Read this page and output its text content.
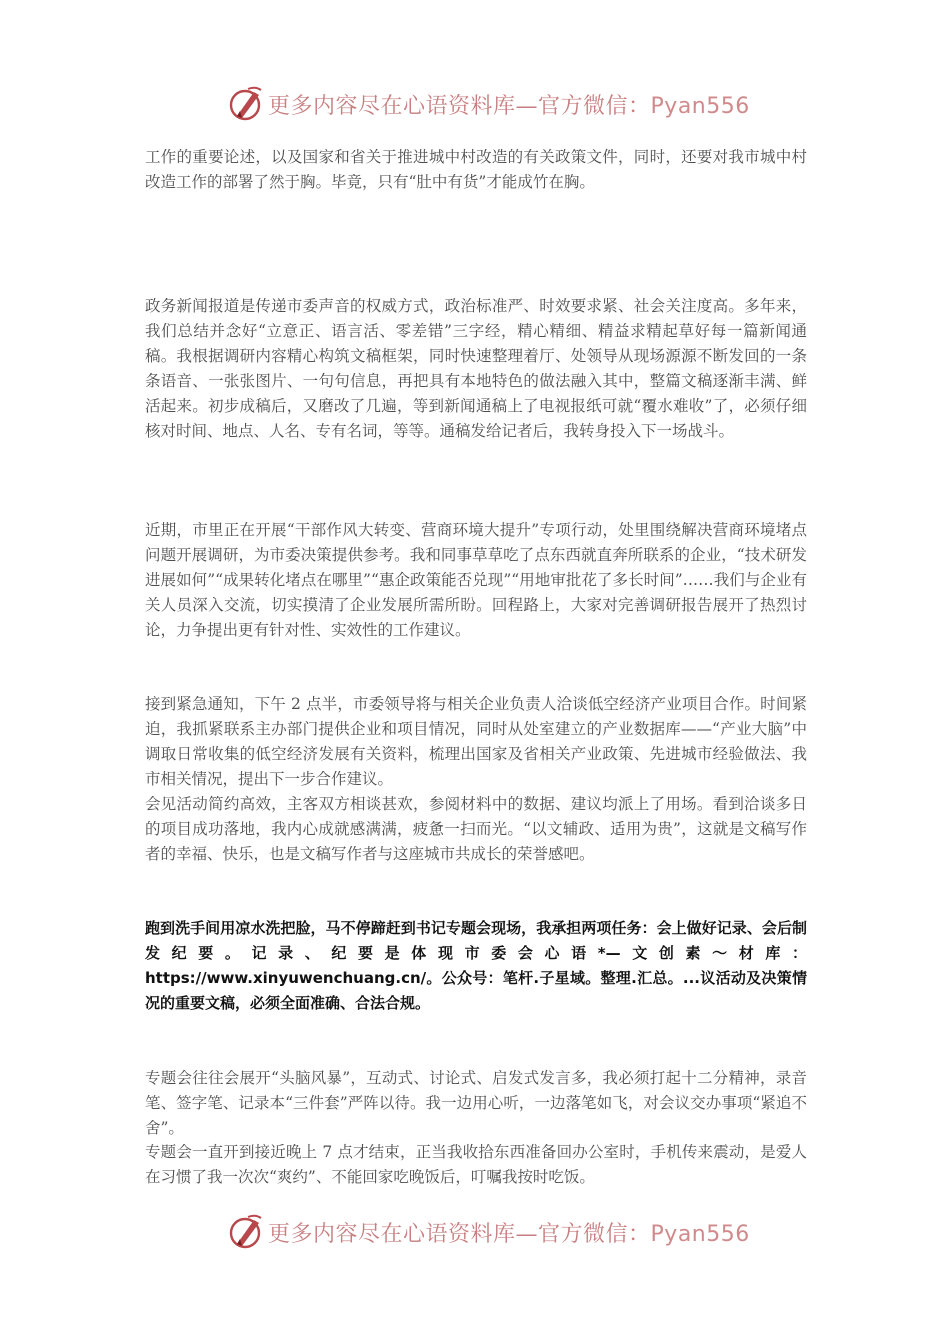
更多内容尽在心语资料库—官方微信：Pyan556

工作的重要论述，以及国家和省关于推进城中村改造的有关政策文件，同时，还要对我市城中村改造工作的部署了然于胸。毕竟，只有“肚中有货”才能成竹在胸。

政务新闻报道是传递市委声音的权威方式，政治标准严、时效要求紧、社会关注度高。多年来，我们总结并念好“立意正、语言活、零差错”三字经，精心精细、精益求精起草好每一篇新闻通稿。我根据调研内容精心构筑文稿框架，同时快速整理着厅、处领导从现场源源不断发回的一条条语音、一张张图片、一句句信息，再把具有本地特色的做法融入其中，整篇文稿逐渐丰满、鲜活起来。初步成稿后，又磨改了几遍，等到新闻通稿上了电视报纸可就“覆水难收”了，必须仔细核对时间、地点、人名、专有名词，等等。通稿发给记者后，我转身投入下一场战斗。

近期，市里正在开展“干部作风大转变、营商环境大提升”专项行动，处里围绕解决营商环境堵点问题开展调研，为市委决策提供参考。我和同事草草吃了点东西就直奔所联系的企业，“技术研发进展如何”“成果转化堵点在哪里”“惠企政策能否兑现”“用地审批花了多长时间”……我们与企业有关人员深入交流，切实摸清了企业发展所需所盼。回程路上，大家对完善调研报告展开了热烈讨论，力争提出更有针对性、实效性的工作建议。

接到紧急通知，下午 2 点半，市委领导将与相关企业负责人洽谈低空经济产业项目合作。时间紧迫，我抓紧联系主办部门提供企业和项目情况，同时从处室建立的产业数据库——“产业大脑”中调取日常收集的低空经济发展有关资料，梳理出国家及省相关产业政策、先进城市经验做法、我市相关情况，提出下一步合作建议。

会见活动简约高效，主客双方相谈甚欢，参阅材料中的数据、建议均派上了用场。看到洽谈多日的项目成功落地，我内心成就感满满，疲惫一扫而光。“以文辅政、适用为贵”，这就是文稿写作者的幸福、快乐，也是文稿写作者与这座城市共成长的荣誉感吧。

跑到洗手间用凉水洗把脸，马不停蹄赶到书记专题会现场，我承担两项任务：会上做好记录、会后制发纪要。记录、纪要是体现市委会心语*—文创素～材库：https://www.xinyuwenchuang.cn/。公众号：笔杆.子星域。整理.汇总。...议活动及决策情况的重要文稿，必须全面准确、合法合规。

专题会往往会展开“头脑风暴”，互动式、讨论式、启发式发言多，我必须打起十二分精神，录音笔、签字笔、记录本“三件套”严阵以待。我一边用心听，一边落笔如飞，对会议交办事项“紧追不舍”。

专题会一直开到接近晚上 7 点才结束，正当我收拾东西准备回办公室时，手机传来震动，是爱人在习惯了我一次次“爽约”、不能回家吃晚饭后，叮嘱我按时吃饭。

更多内容尽在心语资料库—官方微信：Pyan556
